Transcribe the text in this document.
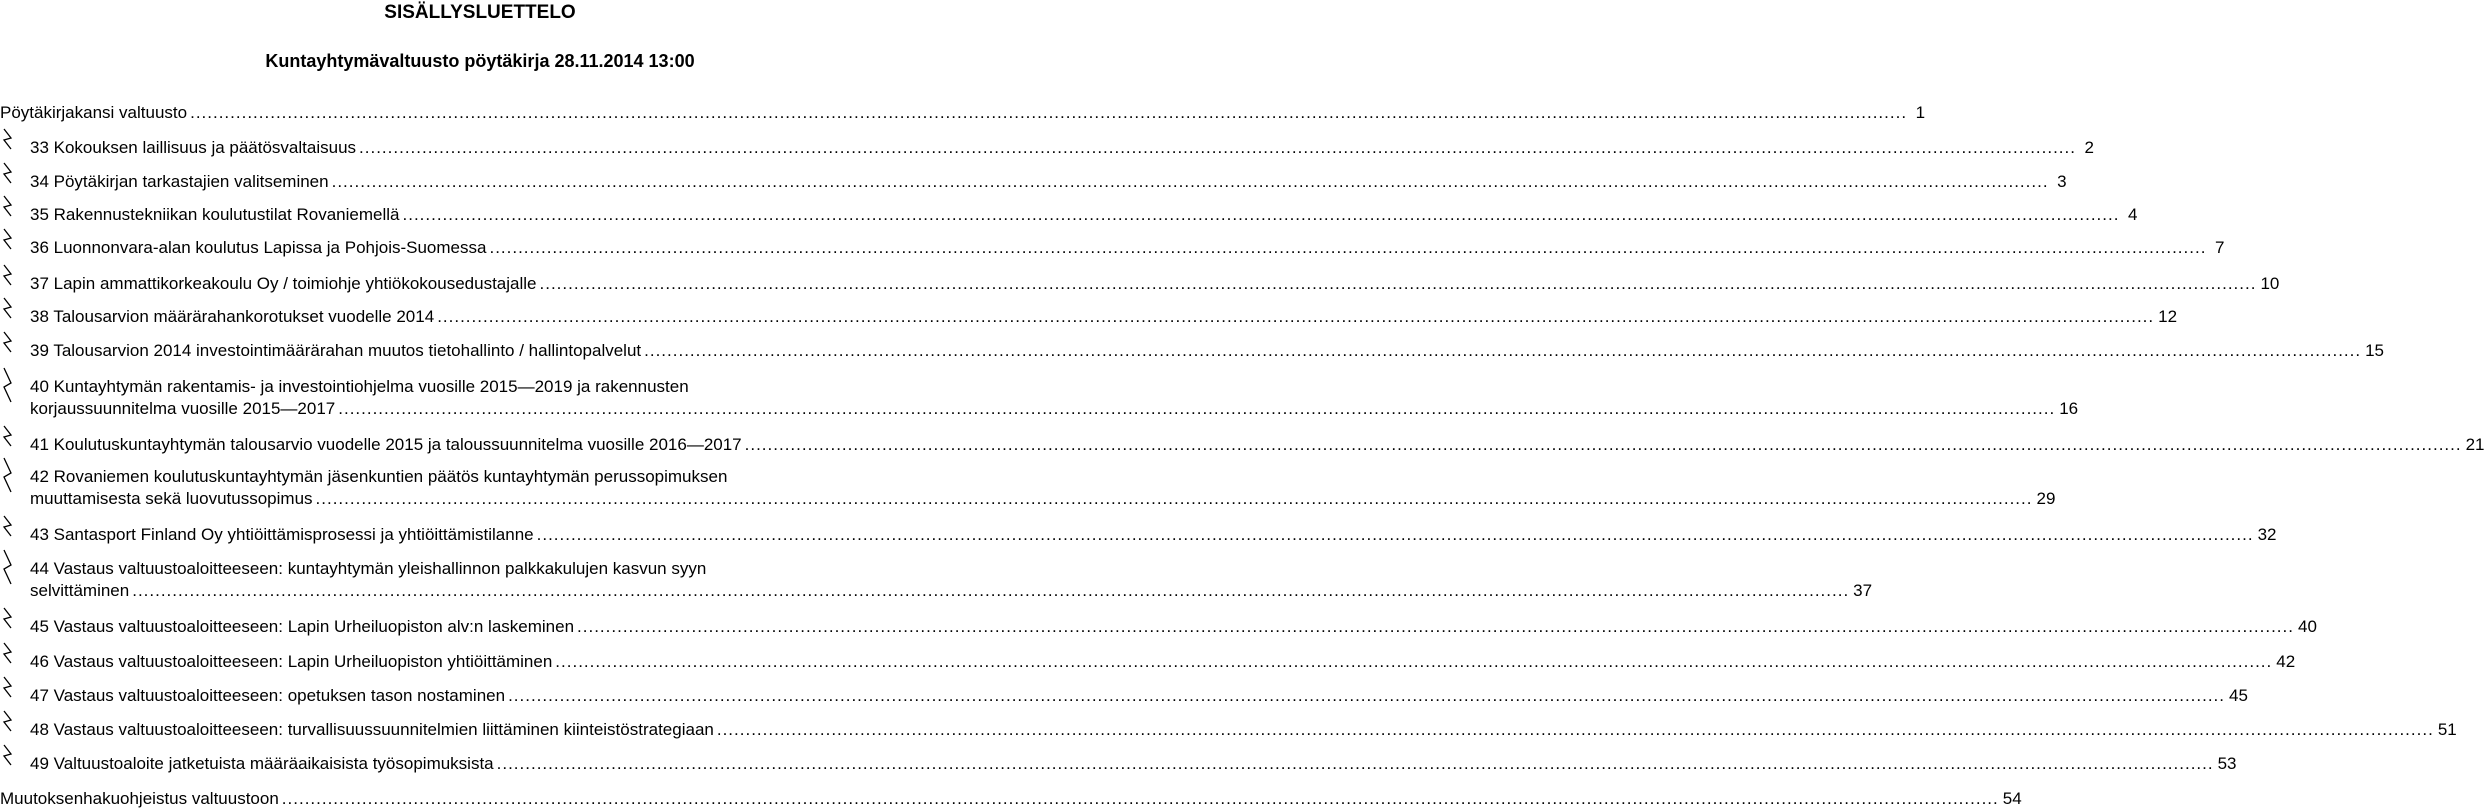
SISÄLLYSLUETTELO
Kuntayhtymävaltuusto pöytäkirja 28.11.2014 13:00
Pöytäkirjakansi valtuusto ............................................................................................................................................................................................................................................................................................................ 1
33 Kokouksen laillisuus ja päätösvaltaisuus ............................................................................................................................................................................................................................................................................................................ 2
34 Pöytäkirjan tarkastajien valitseminen ............................................................................................................................................................................................................................................................................................................ 3
35 Rakennustekniikan koulutustilat Rovaniemellä ............................................................................................................................................................................................................................................................................................................ 4
36 Luonnonvara-alan koulutus Lapissa ja Pohjois-Suomessa ............................................................................................................................................................................................................................................................................................................ 7
37 Lapin ammattikorkeakoulu Oy / toimiohje yhtiökokousedustajalle ............................................................................................................................................................................................................................................................................................................ 10
38 Talousarvion määrärahankorotukset vuodelle 2014 ............................................................................................................................................................................................................................................................................................................ 12
39 Talousarvion 2014 investointimäärärahan muutos tietohallinto / hallintopalvelut ............................................................................................................................................................................................................................................................................................................ 15
40 Kuntayhtymän rakentamis- ja investointiohjelma vuosille 2015—2019 ja rakennusten
korjaussuunnitelma vuosille 2015—2017 ............................................................................................................................................................................................................................................................................................................ 16
41 Koulutuskuntayhtymän talousarvio vuodelle 2015 ja taloussuunnitelma vuosille 2016—2017 ............................................................................................................................................................................................................................................................................................................ 21
42 Rovaniemen koulutuskuntayhtymän jäsenkuntien päätös kuntayhtymän perussopimuksen
muuttamisesta sekä luovutussopimus ............................................................................................................................................................................................................................................................................................................ 29
43 Santasport Finland Oy yhtiöittämisprosessi ja yhtiöittämistilanne ............................................................................................................................................................................................................................................................................................................ 32
44 Vastaus valtuustoaloitteeseen: kuntayhtymän yleishallinnon palkkakulujen kasvun syyn
selvittäminen ............................................................................................................................................................................................................................................................................................................ 37
45 Vastaus valtuustoaloitteeseen: Lapin Urheiluopiston alv:n laskeminen ............................................................................................................................................................................................................................................................................................................ 40
46 Vastaus valtuustoaloitteeseen: Lapin Urheiluopiston yhtiöittäminen ............................................................................................................................................................................................................................................................................................................ 42
47 Vastaus valtuustoaloitteeseen: opetuksen tason nostaminen ............................................................................................................................................................................................................................................................................................................ 45
48 Vastaus valtuustoaloitteeseen: turvallisuussuunnitelmien liittäminen kiinteistöstrategiaan ............................................................................................................................................................................................................................................................................................................ 51
49 Valtuustoaloite jatketuista määräaikaisista työsopimuksista ............................................................................................................................................................................................................................................................................................................ 53
Muutoksenhakuohjeistus valtuustoon ............................................................................................................................................................................................................................................................................................................ 54
